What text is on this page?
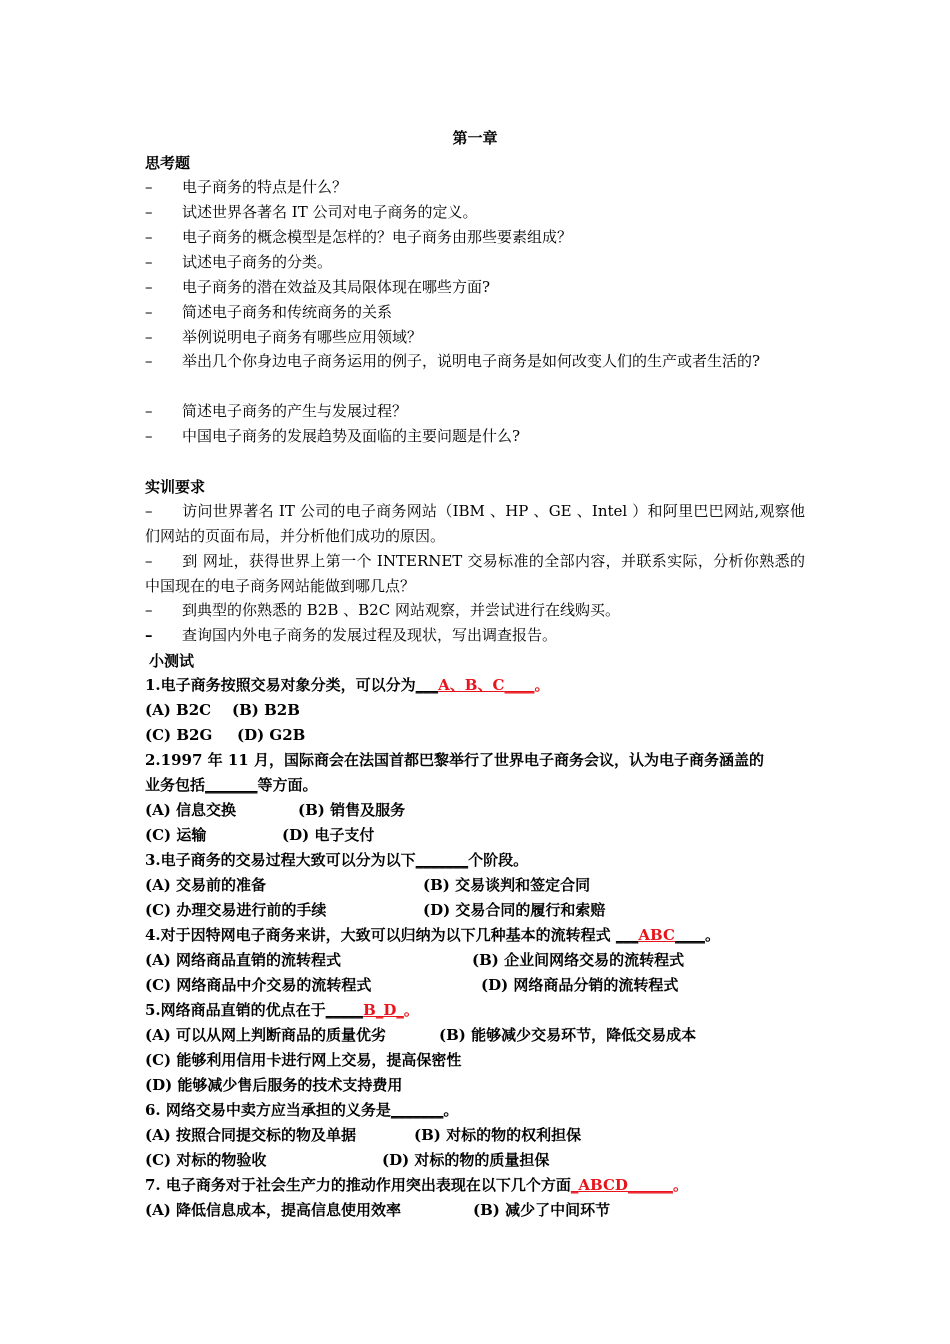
第一章
思考题
– 电子商务的特点是什么？
– 试述世界各著名 IT 公司对电子商务的定义。
– 电子商务的概念模型是怎样的？电子商务由那些要素组成？
– 试述电子商务的分类。
– 电子商务的潜在效益及其局限体现在哪些方面?
– 简述电子商务和传统商务的关系
– 举例说明电子商务有哪些应用领域？
– 举出几个你身边电子商务运用的例子，说明电子商务是如何改变人们的生产或者生活的?
– 简述电子商务的产生与发展过程？
– 中国电子商务的发展趋势及面临的主要问题是什么?
实训要求
– 访问世界著名 IT 公司的电子商务网站（IBM 、HP 、GE 、Intel ）和阿里巴巴网站,观察他们网站的页面布局，并分析他们成功的原因。
– 到 网址，获得世界上第一个 INTERNET 交易标准的全部内容，并联系实际，分析你熟悉的中国现在的电子商务网站能做到哪几点？
– 到典型的你熟悉的 B2B 、B2C 网站观察，并尝试进行在线购买。
– 查询国内外电子商务的发展过程及现状，写出调查报告。
小测试
1.电子商务按照交易对象分类，可以分为___A、B、C____。
(A) B2C (B) B2B
(C) B2G (D) G2B
2.1997 年 11 月，国际商会在法国首都巴黎举行了世界电子商务会议，认为电子商务涵盖的
业务包括_______等方面。
(A) 信息交换	(B) 销售及服务
(C) 运输	(D) 电子支付
3.电子商务的交易过程大致可以分为以下_______个阶段。
(A) 交易前的准备	(B) 交易谈判和签定合同
(C) 办理交易进行前的手续	(D) 交易合同的履行和索赔
4.对于因特网电子商务来讲，大致可以归纳为以下几种基本的流转程式 ___ABC____。
(A) 网络商品直销的流转程式	(B) 企业间网络交易的流转程式
(C) 网络商品中介交易的流转程式	(D) 网络商品分销的流转程式
5.网络商品直销的优点在于_____B_D_。
(A) 可以从网上判断商品的质量优劣	(B) 能够减少交易环节，降低交易成本
(C) 能够利用信用卡进行网上交易，提高保密性
(D) 能够减少售后服务的技术支持费用
6. 网络交易中卖方应当承担的义务是_______。
(A) 按照合同提交标的物及单据	(B) 对标的物的权利担保
(C) 对标的物验收	(D) 对标的物的质量担保
7. 电子商务对于社会生产力的推动作用突出表现在以下几个方面_ABCD______。
(A) 降低信息成本，提高信息使用效率	(B) 减少了中间环节
